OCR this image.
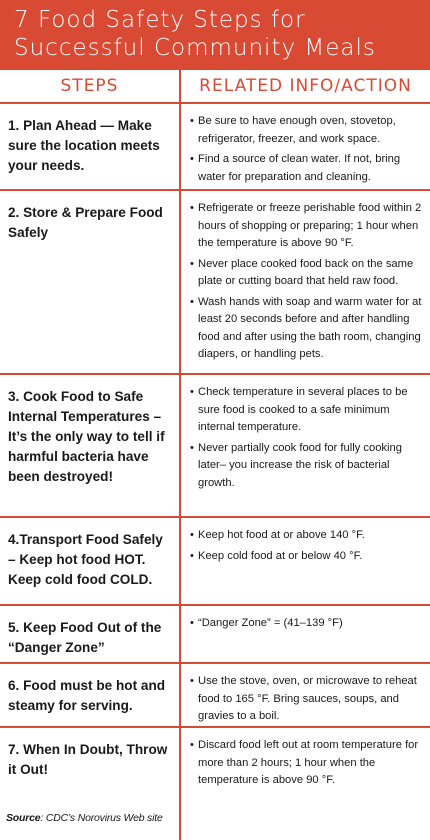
7 Food Safety Steps for
Successful Community Meals
STEPS	RELATED INFO/ACTION
1. Plan Ahead — Make sure the location meets your needs.
• Be sure to have enough oven, stovetop, refrigerator, freezer, and work space.
• Find a source of clean water. If not, bring water for preparation and cleaning.
2. Store & Prepare Food Safely
• Refrigerate or freeze perishable food within 2 hours of shopping or preparing; 1 hour when the temperature is above 90 °F.
• Never place cooked food back on the same plate or cutting board that held raw food.
• Wash hands with soap and warm water for at least 20 seconds before and after handling food and after using the bath room, changing diapers, or handling pets.
3. Cook Food to Safe Internal Temperatures – It’s the only way to tell if harmful bacteria have been destroyed!
• Check temperature in several places to be sure food is cooked to a safe minimum internal temperature.
• Never partially cook food for fully cooking later– you increase the risk of bacterial growth.
4.Transport Food Safely – Keep hot food HOT. Keep cold food COLD.
• Keep hot food at or above 140 °F.
• Keep cold food at or below 40 °F.
5. Keep Food Out of the “Danger Zone”
• “Danger Zone” = (41–139 °F)
6. Food must be hot and steamy for serving.
• Use the stove, oven, or microwave to reheat food to 165 °F. Bring sauces, soups, and gravies to a boil.
7. When In Doubt, Throw it Out!
• Discard food left out at room temperature for more than 2 hours; 1 hour when the temperature is above 90 °F.
Source: CDC’s Norovirus Web site
